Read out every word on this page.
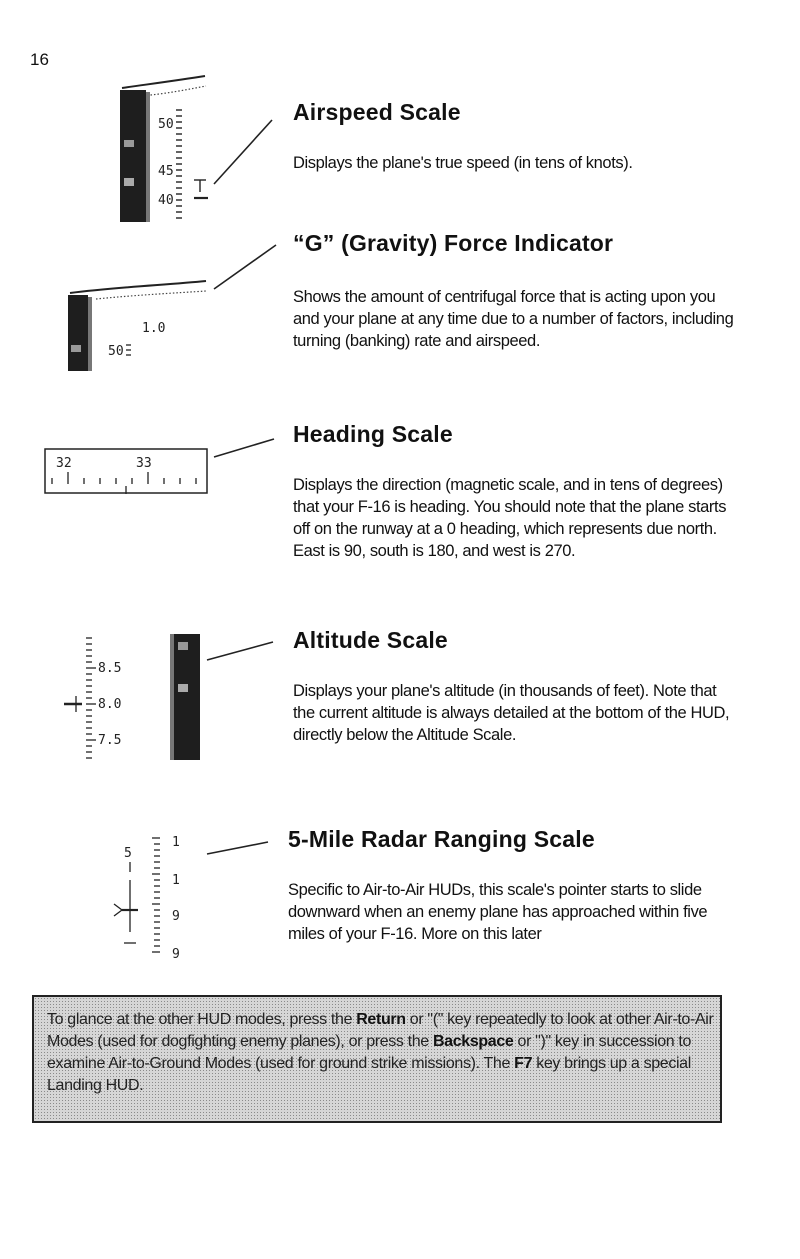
16
50
45
40
Airspeed Scale
Displays the plane's true speed (in tens of knots).
1.0
50
“G” (Gravity) Force Indicator
Shows the amount of centrifugal force that is acting upon you and your plane at any time due to a number of factors, including turning (banking) rate and airspeed.
32	33
Heading Scale
Displays the direction (magnetic scale, and in tens of degrees) that your F-16 is heading. You should note that the plane starts off on the runway at a 0 heading, which represents due north. East is 90, south is 180, and west is 270.
8.5
8.0
7.5
Altitude Scale
Displays your plane's altitude (in thousands of feet). Note that the current altitude is always detailed at the bottom of the HUD, directly below the Altitude Scale.
5
1
1
9
9
5-Mile Radar Ranging Scale
Specific to Air-to-Air HUDs, this scale's pointer starts to slide downward when an enemy plane has approached within five miles of your F-16. More on this later
To glance at the other HUD modes, press the Return or "(" key repeatedly to look at other Air-to-Air Modes (used for dogfighting enemy planes), or press the Backspace or ")" key in succession to examine Air-to-Ground Modes (used for ground strike missions). The F7 key brings up a special Landing HUD.
